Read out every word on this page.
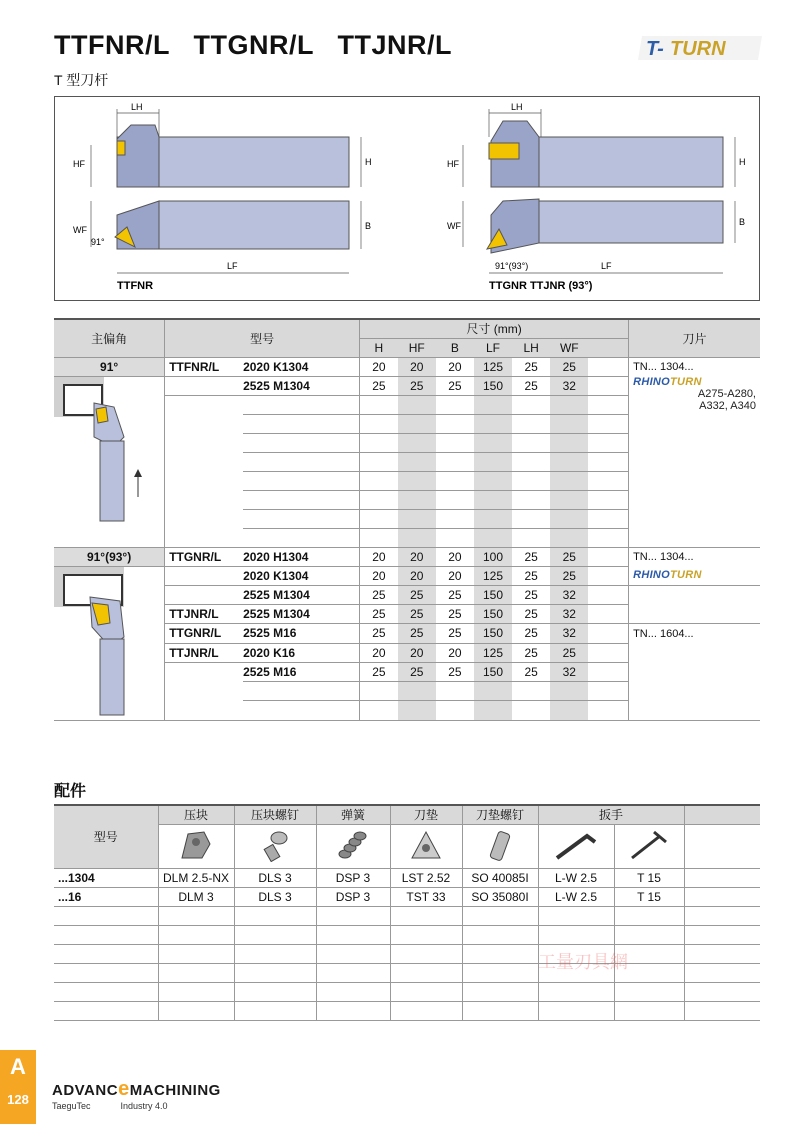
TTFNR/L   TTGNR/L   TTJNR/L
T 型刀杆
T- TURN
LH
HF	H
WF	B
LF
91°
TTFNR
LH
HF	H
WF	B
LF
91°(93°)
TTGNR TTJNR (93°)
主偏角	型号		尺寸 (mm)							刀片
			H	HF	B	LF	LH	WF		
91°	TTFNR/L	2020 K1304	20	20	20	125	25	25		TN... 1304...
		2525 M1304	25	25	25	150	25	32		RHINOTURN
A275-A280,
A332, A340

91°(93°)	TTGNR/L	2020 H1304	20	20	20	100	25	25		TN... 1304...
		2020 K1304	20	20	20	125	25	25		RHINOTURN

		2525 M1304	25	25	25	150	25	32		
	TTJNR/L	2525 M1304	25	25	25	150	25	32		
	TTGNR/L	2525 M16	25	25	25	150	25	32		TN... 1604...
	TTJNR/L	2020 K16	20	20	20	125	25	25		
		2525 M16	25	25	25	150	25	32		

配件
型号	压块	压块螺钉	弹簧	刀垫	刀垫螺钉	扳手		

...1304	DLM 2.5-NX	DLS 3	DSP 3	LST 2.52	SO 40085I	L-W 2.5	T 15	
...16	DLM 3	DLS 3	DSP 3	TST 33	SO 35080I	L-W 2.5	T 15	

工量刃具網
A
128
ADVANCeMACHINING
TaeguTec	Industry 4.0
